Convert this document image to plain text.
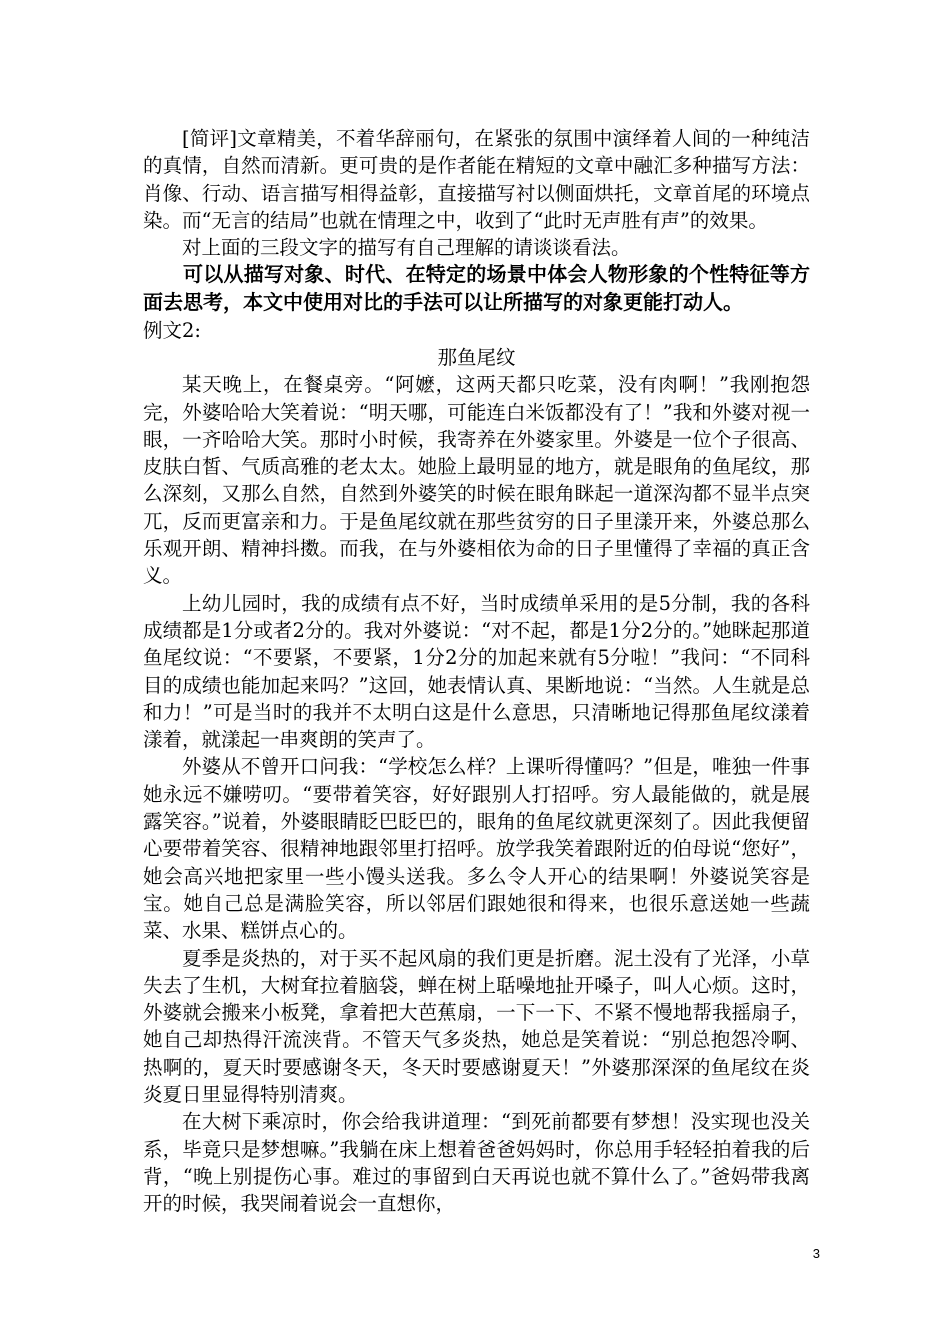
[简评]文章精美，不着华辞丽句，在紧张的氛围中演绎着人间的一种纯洁的真情，自然而清新。更可贵的是作者能在精短的文章中融汇多种描写方法：肖像、行动、语言描写相得益彰，直接描写衬以侧面烘托，文章首尾的环境点染。而“无言的结局”也就在情理之中，收到了“此时无声胜有声”的效果。

对上面的三段文字的描写有自己理解的请谈谈看法。

可以从描写对象、时代、在特定的场景中体会人物形象的个性特征等方面去思考，本文中使用对比的手法可以让所描写的对象更能打动人。

例文2:

那鱼尾纹

某天晚上，在餐桌旁。“阿嬷，这两天都只吃菜，没有肉啊！”我刚抱怨完，外婆哈哈大笑着说：“明天哪，可能连白米饭都没有了！”我和外婆对视一眼，一齐哈哈大笑。那时小时候，我寄养在外婆家里。外婆是一位个子很高、皮肤白皙、气质高雅的老太太。她脸上最明显的地方，就是眼角的鱼尾纹，那么深刻，又那么自然，自然到外婆笑的时候在眼角眯起一道深沟都不显半点突兀，反而更富亲和力。于是鱼尾纹就在那些贫穷的日子里漾开来，外婆总那么乐观开朗、精神抖擞。而我，在与外婆相依为命的日子里懂得了幸福的真正含义。

上幼儿园时，我的成绩有点不好，当时成绩单采用的是5分制，我的各科成绩都是1分或者2分的。我对外婆说：“对不起，都是1分2分的。”她眯起那道鱼尾纹说：“不要紧，不要紧，1分2分的加起来就有5分啦！”我问：“不同科目的成绩也能加起来吗？”这回，她表情认真、果断地说：“当然。人生就是总和力！”可是当时的我并不太明白这是什么意思，只清晰地记得那鱼尾纹漾着漾着，就漾起一串爽朗的笑声了。

外婆从不曾开口问我：“学校怎么样？上课听得懂吗？”但是，唯独一件事她永远不嫌唠叨。“要带着笑容，好好跟别人打招呼。穷人最能做的，就是展露笑容。”说着，外婆眼睛眨巴眨巴的，眼角的鱼尾纹就更深刻了。因此我便留心要带着笑容、很精神地跟邻里打招呼。放学我笑着跟附近的伯母说“您好”，她会高兴地把家里一些小馒头送我。多么令人开心的结果啊！外婆说笑容是宝。她自己总是满脸笑容，所以邻居们跟她很和得来，也很乐意送她一些蔬菜、水果、糕饼点心的。

夏季是炎热的，对于买不起风扇的我们更是折磨。泥土没有了光泽，小草失去了生机，大树耷拉着脑袋，蝉在树上聒噪地扯开嗓子，叫人心烦。这时，外婆就会搬来小板凳，拿着把大芭蕉扇，一下一下、不紧不慢地帮我摇扇子，她自己却热得汗流浃背。不管天气多炎热，她总是笑着说：“别总抱怨冷啊、热啊的，夏天时要感谢冬天，冬天时要感谢夏天！”外婆那深深的鱼尾纹在炎炎夏日里显得特别清爽。

在大树下乘凉时，你会给我讲道理：“到死前都要有梦想！没实现也没关系，毕竟只是梦想嘛。”我躺在床上想着爸爸妈妈时，你总用手轻轻拍着我的后背，“晚上别提伤心事。难过的事留到白天再说也就不算什么了。”爸妈带我离开的时候，我哭闹着说会一直想你，

3
